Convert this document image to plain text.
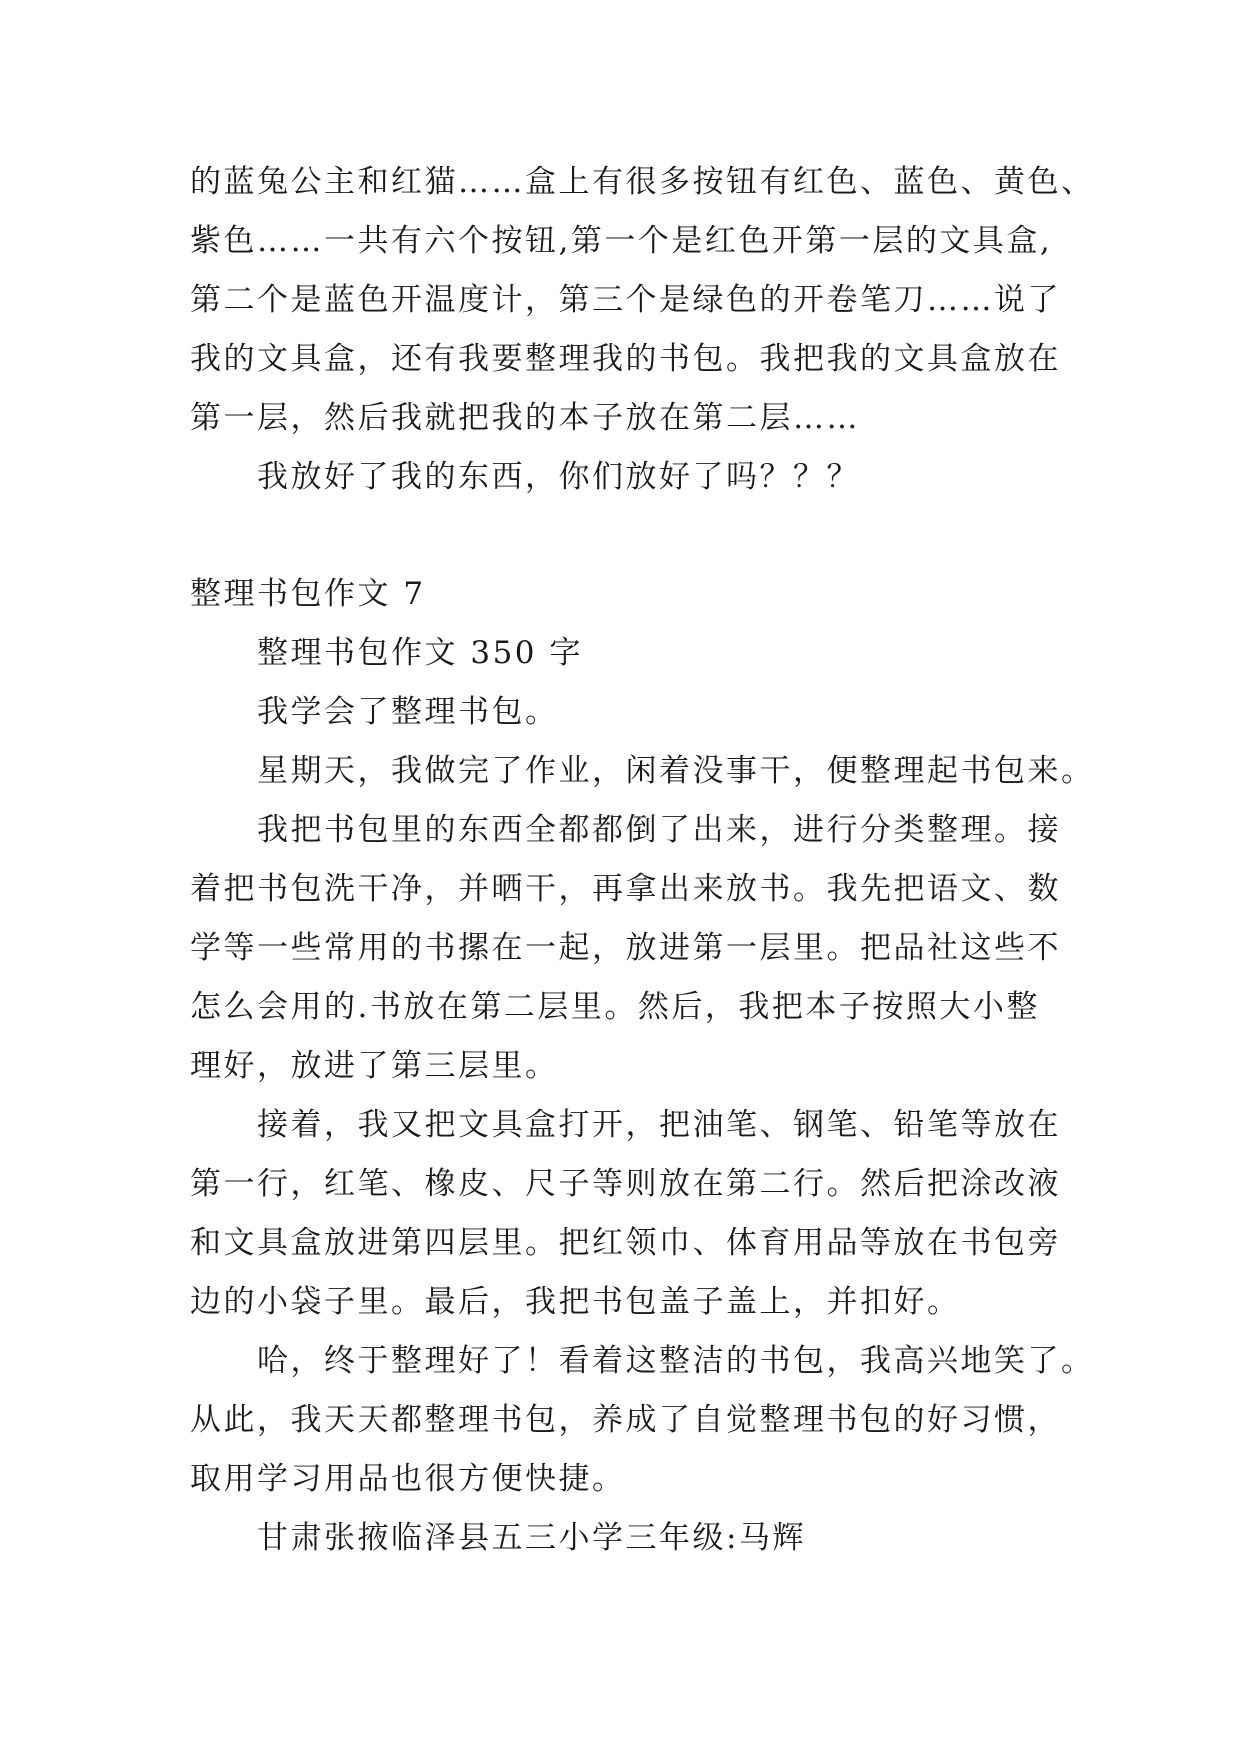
的蓝兔公主和红猫……盒上有很多按钮有红色、蓝色、黄色、
紫色……一共有六个按钮,第一个是红色开第一层的文具盒,
第二个是蓝色开温度计，第三个是绿色的开卷笔刀……说了
我的文具盒，还有我要整理我的书包。我把我的文具盒放在
第一层，然后我就把我的本子放在第二层……
我放好了我的东西，你们放好了吗？？？
整理书包作文 7
整理书包作文 350 字
我学会了整理书包。
星期天，我做完了作业，闲着没事干，便整理起书包来。
我把书包里的东西全都都倒了出来，进行分类整理。接
着把书包洗干净，并晒干，再拿出来放书。我先把语文、数
学等一些常用的书摞在一起，放进第一层里。把品社这些不
怎么会用的.书放在第二层里。然后，我把本子按照大小整
理好，放进了第三层里。
接着，我又把文具盒打开，把油笔、钢笔、铅笔等放在
第一行，红笔、橡皮、尺子等则放在第二行。然后把涂改液
和文具盒放进第四层里。把红领巾、体育用品等放在书包旁
边的小袋子里。最后，我把书包盖子盖上，并扣好。
哈，终于整理好了！看着这整洁的书包，我高兴地笑了。
从此，我天天都整理书包，养成了自觉整理书包的好习惯，
取用学习用品也很方便快捷。
甘肃张掖临泽县五三小学三年级:马辉
